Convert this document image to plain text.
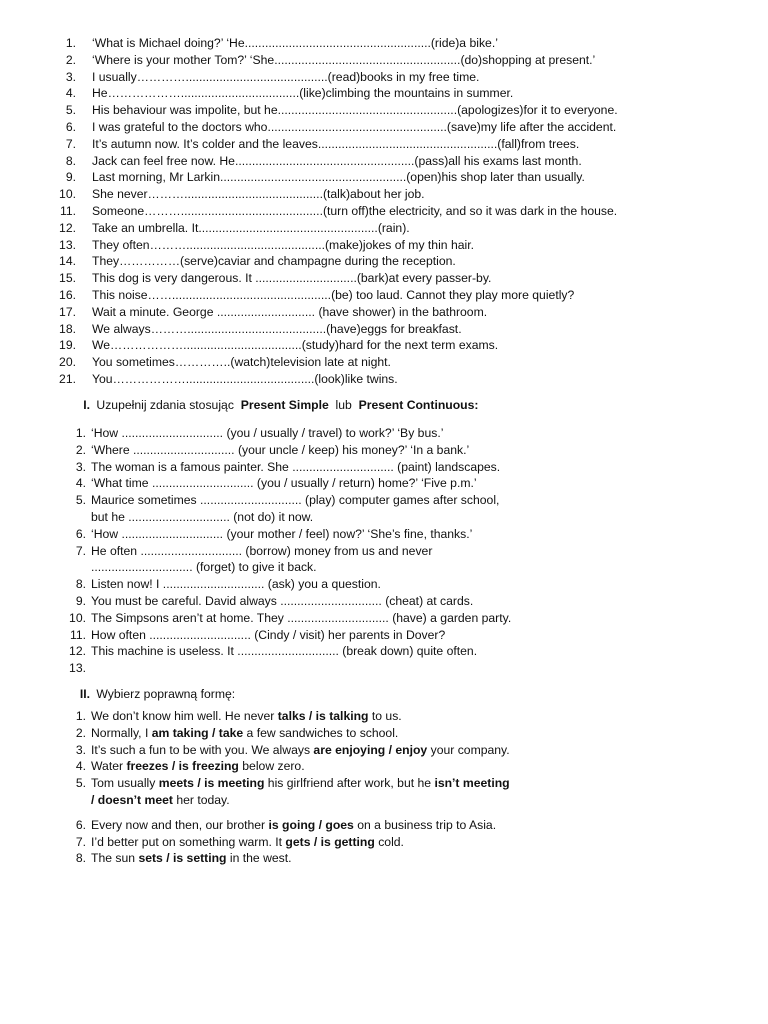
1. ‘What is Michael doing?’ ‘He.......................................................(ride)a bike.’
2. ‘Where is your mother Tom?’ ‘She.......................................................(do)shopping at present.’
3. I usually…………..........................................(read)books in my free time.
4. He………………...................................(like)climbing the mountains in summer.
5. His behaviour was impolite, but he.....................................................(apologizes)for it to everyone.
6. I was grateful to the doctors who.....................................................(save)my life after the accident.
7. It’s autumn now. It’s colder and the leaves.....................................................(fall)from trees.
8. Jack can feel free now. He.....................................................(pass)all his exams last month.
9. Last morning, Mr Larkin.......................................................(open)his shop later than usually.
10. She never……….........................................(talk)about her job.
11. Someone………..........................................(turn off)the electricity, and so it was dark in the house.
12. Take an umbrella. It.....................................................(rain).
13. They often……….........................................(make)jokes of my thin hair.
14. They……………(serve)caviar and champagne during the reception.
15. This dog is very dangerous. It ..............................(bark)at every passer-by.
16. This noise……...............................................(be) too laud. Cannot they play more quietly?
17. Wait a minute. George ............................. (have shower) in the bathroom.
18. We always……….........................................(have)eggs for breakfast.
19. We………………...................................(study)hard for the next term exams.
20. You sometimes…………..(watch)television late at night.
21. You………………......................................(look)like twins.
I. Uzupełnij zdania stosując Present Simple lub Present Continuous:
1. ‘How .............................. (you / usually / travel) to work?’ ‘By bus.’
2. ‘Where .............................. (your uncle / keep) his money?’ ‘In a bank.’
3. The woman is a famous painter. She .............................. (paint) landscapes.
4. ‘What time .............................. (you / usually / return) home?’ ‘Five p.m.’
5. Maurice sometimes .............................. (play) computer games after school,
but he .............................. (not do) it now.
6. ‘How .............................. (your mother / feel) now?’ ‘She’s fine, thanks.’
7. He often .............................. (borrow) money from us and never
.............................. (forget) to give it back.
8. Listen now! I .............................. (ask) you a question.
9. You must be careful. David always .............................. (cheat) at cards.
10. The Simpsons aren’t at home. They .............................. (have) a garden party.
11. How often .............................. (Cindy / visit) her parents in Dover?
12. This machine is useless. It .............................. (break down) quite often.
13.
II. Wybierz poprawną formę:
1. We don’t know him well. He never talks / is talking to us.
2. Normally, I am taking / take a few sandwiches to school.
3. It’s such a fun to be with you. We always are enjoying / enjoy your company.
4. Water freezes / is freezing below zero.
5. Tom usually meets / is meeting his girlfriend after work, but he isn’t meeting
/ doesn’t meet her today.
6. Every now and then, our brother is going / goes on a business trip to Asia.
7. I’d better put on something warm. It gets / is getting cold.
8. The sun sets / is setting in the west.
